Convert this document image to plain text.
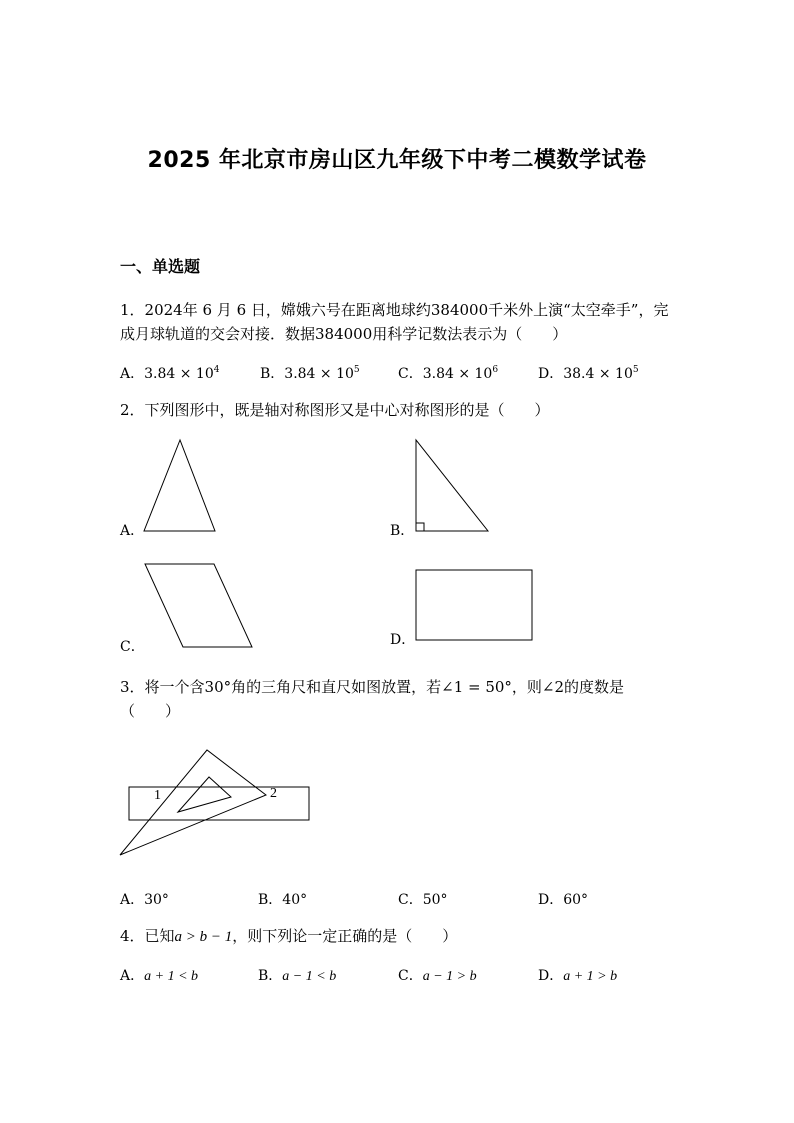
2025 年北京市房山区九年级下中考二模数学试卷
一、单选题
1．2024年 6 月 6 日，嫦娥六号在距离地球约384000千米外上演“太空牵手”，完
成月球轨道的交会对接．数据384000用科学记数法表示为（　　）
A．$3.84 \times 10^4$	B．$3.84 \times 10^5$	C．$3.84 \times 10^6$	D．$38.4 \times 10^5$
2．下列图形中，既是轴对称图形又是中心对称图形的是（　　）
A．	B．
C．	D．
3．将一个含30°角的三角尺和直尺如图放置，若∠1 = 50°，则∠2的度数是
（　　）
1	2
A．30°	B．40°	C．50°	D．60°
4．已知a > b − 1，则下列论一定正确的是（　　）
A．a + 1 < b	B．a − 1 < b	C．a − 1 > b	D．a + 1 > b
